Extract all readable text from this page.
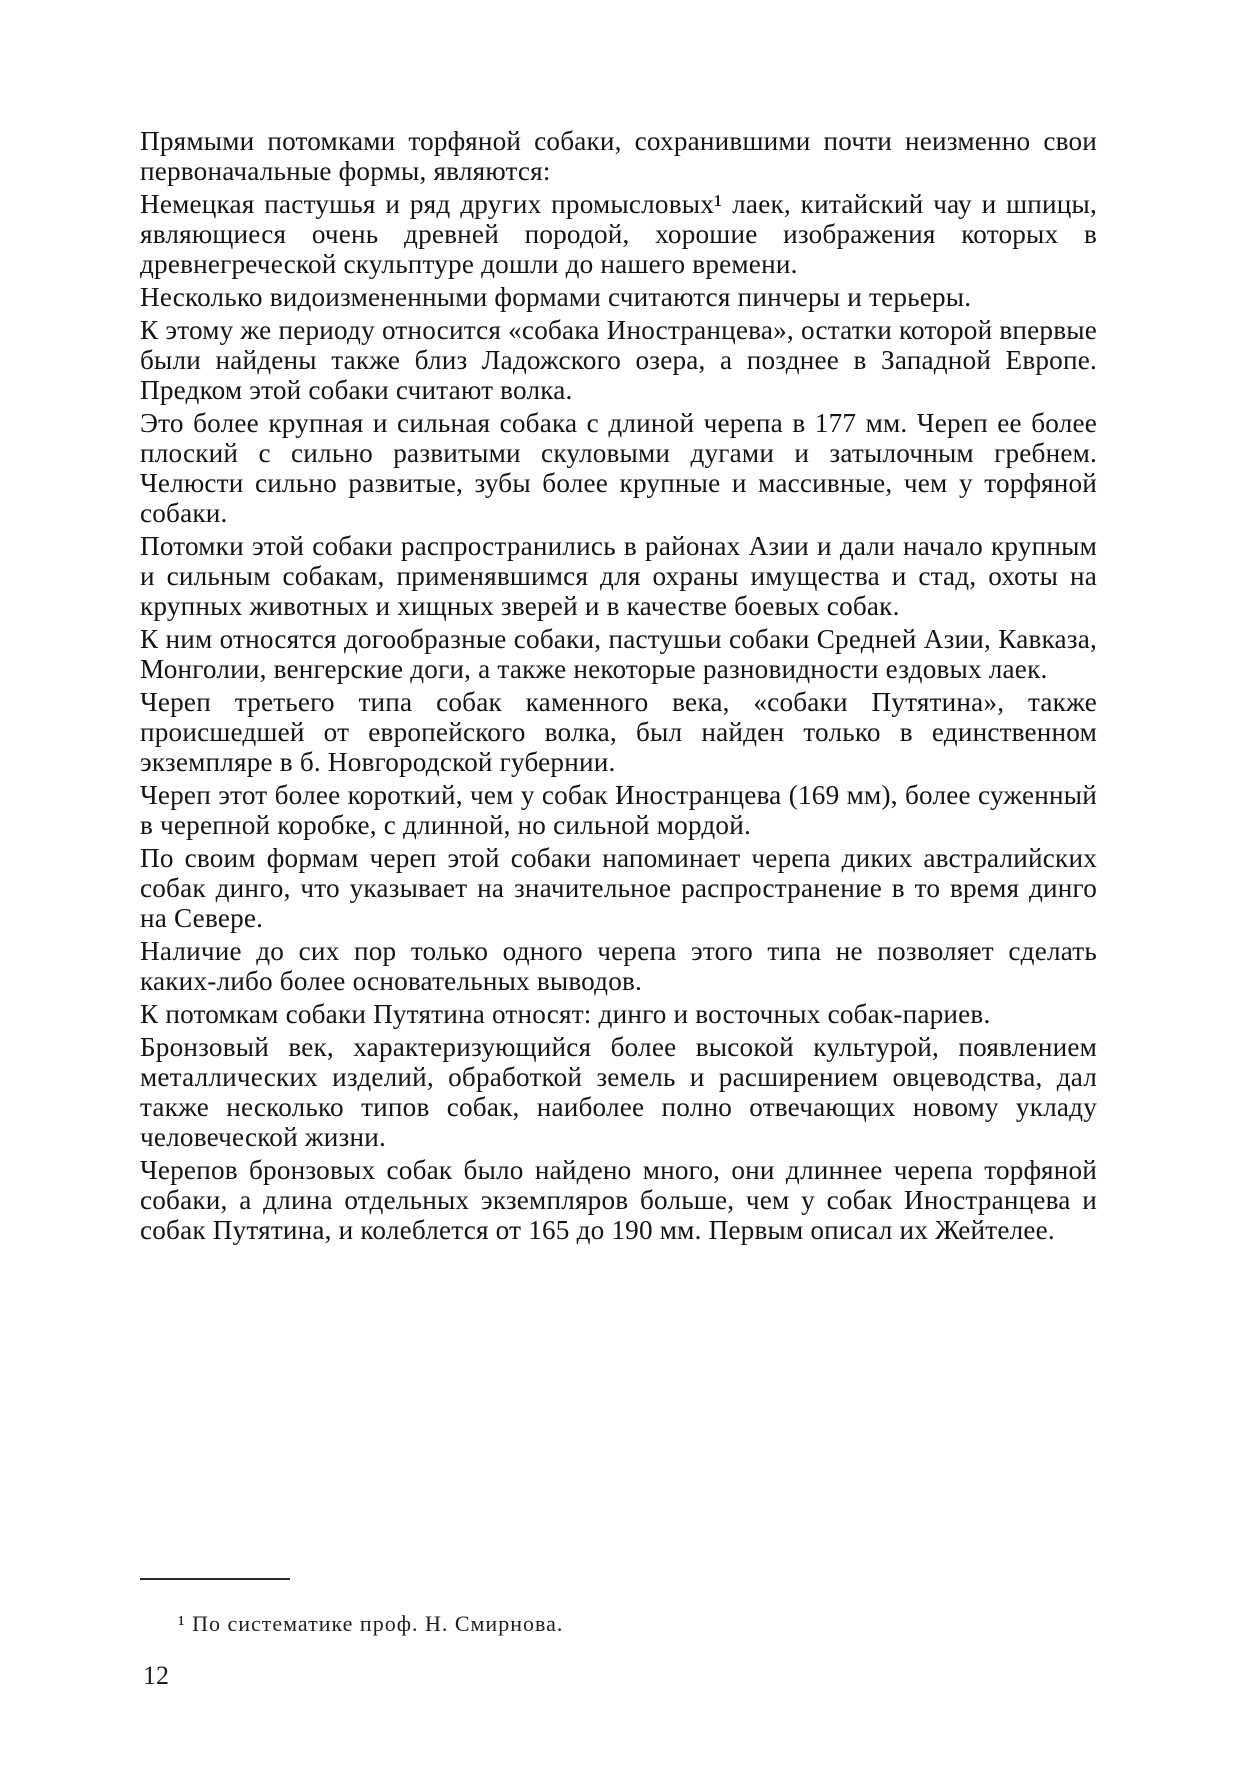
Прямыми потомками торфяной собаки, сохранившими почти неизменно свои первоначальные формы, являются:

Немецкая пастушья и ряд других промысловых¹ лаек, китайский чау и шпицы, являющиеся очень древней породой, хорошие изображения которых в древнегреческой скульптуре дошли до нашего времени.

Несколько видоизмененными формами считаются пинчеры и терьеры.

К этому же периоду относится «собака Иностранцева», остатки которой впервые были найдены также близ Ладожского озера, а позднее в Западной Европе. Предком этой собаки считают волка.

Это более крупная и сильная собака с длиной черепа в 177 мм. Череп ее более плоский с сильно развитыми скуловыми дугами и затылочным гребнем. Челюсти сильно развитые, зубы более крупные и массивные, чем у торфяной собаки.

Потомки этой собаки распространились в районах Азии и дали начало крупным и сильным собакам, применявшимся для охраны имущества и стад, охоты на крупных животных и хищных зверей и в качестве боевых собак.

К ним относятся догообразные собаки, пастушьи собаки Средней Азии, Кавказа, Монголии, венгерские доги, а также некоторые разновидности ездовых лаек.

Череп третьего типа собак каменного века, «собаки Путятина», также происшедшей от европейского волка, был найден только в единственном экземпляре в б. Новгородской губернии.

Череп этот более короткий, чем у собак Иностранцева (169 мм), более суженный в черепной коробке, с длинной, но сильной мордой.

По своим формам череп этой собаки напоминает черепа диких австралийских собак динго, что указывает на значительное распространение в то время динго на Севере.

Наличие до сих пор только одного черепа этого типа не позволяет сделать каких-либо более основательных выводов.

К потомкам собаки Путятина относят: динго и восточных собак-париев.

Бронзовый век, характеризующийся более высокой культурой, появлением металлических изделий, обработкой земель и расширением овцеводства, дал также несколько типов собак, наиболее полно отвечающих новому укладу человеческой жизни.

Черепов бронзовых собак было найдено много, они длиннее черепа торфяной собаки, а длина отдельных экземпляров больше, чем у собак Иностранцева и собак Путятина, и колеблется от 165 до 190 мм. Первым описал их Жейтелее.

¹ По систематике проф. Н. Смирнова.
12
